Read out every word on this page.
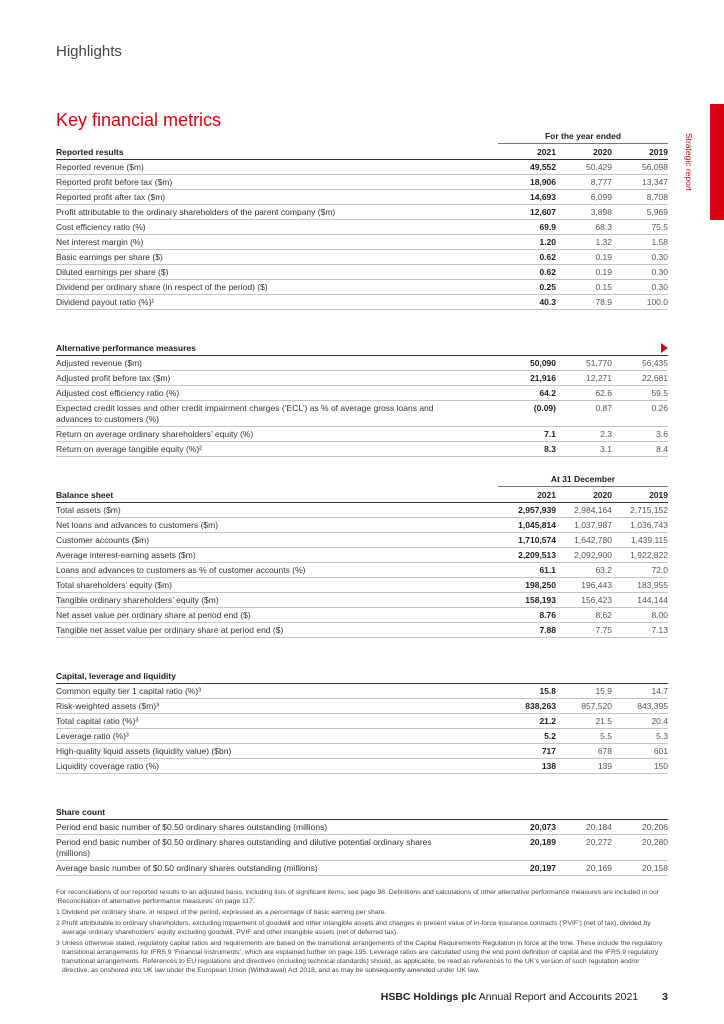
Highlights
Strategic report
Key financial metrics
For the year ended
Reported results	2021	2020	2019
Reported revenue ($m)	49,552	50,429	56,098
Reported profit before tax ($m)	18,906	8,777	13,347
Reported profit after tax ($m)	14,693	6,099	8,708
Profit attributable to the ordinary shareholders of the parent company ($m)	12,607	3,898	5,969
Cost efficiency ratio (%)	69.9	68.3	75.5
Net interest margin (%)	1.20	1.32	1.58
Basic earnings per share ($)	0.62	0.19	0.30
Diluted earnings per share ($)	0.62	0.19	0.30
Dividend per ordinary share (in respect of the period) ($)	0.25	0.15	0.30
Dividend payout ratio (%)¹	40.3	78.9	100.0
Alternative performance measures
Adjusted revenue ($m)	50,090	51,770	56,435
Adjusted profit before tax ($m)	21,916	12,271	22,681
Adjusted cost efficiency ratio (%)	64.2	62.6	59.5
Expected credit losses and other credit impairment charges (‘ECL’) as % of average gross loans and advances to customers (%)
(0.09)	0.87	0.26
Return on average ordinary shareholders’ equity (%)	7.1	2.3	3.6
Return on average tangible equity (%)²	8.3	3.1	8.4
At 31 December
Balance sheet	2021	2020	2019
Total assets ($m)	2,957,939	2,984,164	2,715,152
Net loans and advances to customers ($m)	1,045,814	1,037,987	1,036,743
Customer accounts ($m)	1,710,574	1,642,780	1,439,115
Average interest-earning assets ($m)	2,209,513	2,092,900	1,922,822
Loans and advances to customers as % of customer accounts (%)	61.1	63.2	72.0
Total shareholders’ equity ($m)	198,250	196,443	183,955
Tangible ordinary shareholders’ equity ($m)	158,193	156,423	144,144
Net asset value per ordinary share at period end ($)	8.76	8.62	8.00
Tangible net asset value per ordinary share at period end ($)	7.88	7.75	7.13
Capital, leverage and liquidity
Common equity tier 1 capital ratio (%)³	15.8	15.9	14.7
Risk-weighted assets ($m)³	838,263	857,520	843,395
Total capital ratio (%)³	21.2	21.5	20.4
Leverage ratio (%)³	5.2	5.5	5.3
High-quality liquid assets (liquidity value) ($bn)	717	678	601
Liquidity coverage ratio (%)	138	139	150
Share count
Period end basic number of $0.50 ordinary shares outstanding (millions)	20,073	20,184	20,206
Period end basic number of $0.50 ordinary shares outstanding and dilutive potential ordinary shares (millions)
20,189	20,272	20,280
Average basic number of $0.50 ordinary shares outstanding (millions)	20,197	20,169	20,158

For reconciliations of our reported results to an adjusted basis, including lists of significant items, see page 98. Definitions and calculations of other alternative performance measures are included in our ‘Reconciliation of alternative performance measures’ on page 117.

1 Dividend per ordinary share, in respect of the period, expressed as a percentage of basic earning per share.
2 Profit attributable to ordinary shareholders, excluding impairment of goodwill and other intangible assets and changes in present value of in-force insurance contracts (‘PVIF’) (net of tax), divided by average ordinary shareholders’ equity excluding goodwill, PVIF and other intangible assets (net of deferred tax).
3 Unless otherwise stated, regulatory capital ratios and requirements are based on the transitional arrangements of the Capital Requirements Regulation in force at the time. These include the regulatory transitional arrangements for IFRS 9 ‘Financial Instruments’, which are explained further on page 195. Leverage ratios are calculated using the end point definition of capital and the IFRS 9 regulatory transitional arrangements. References to EU regulations and directives (including technical standards) should, as applicable, be read as references to the UK’s version of such regulation and/or directive, as onshored into UK law under the European Union (Withdrawal) Act 2018, and as may be subsequently amended under UK law.
HSBC Holdings plc Annual Report and Accounts 2021 3
